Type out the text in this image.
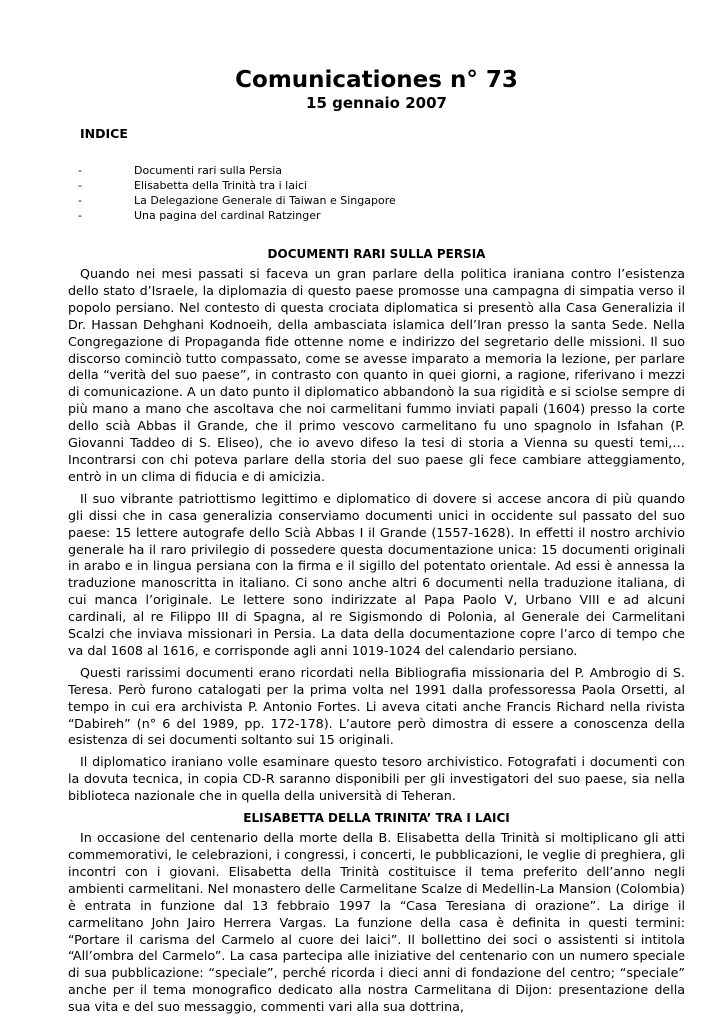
Comunicationes n° 73
15 gennaio 2007
INDICE
-	Documenti rari sulla Persia
-	Elisabetta della Trinità tra i laici
-	La Delegazione Generale di Taiwan e Singapore
-	Una pagina del cardinal Ratzinger
DOCUMENTI RARI SULLA PERSIA

Quando nei mesi passati si faceva un gran parlare della politica iraniana contro l’esistenza dello stato d’Israele, la diplomazia di questo paese promosse una campagna di simpatia verso il popolo persiano. Nel contesto di questa crociata diplomatica si presentò alla Casa Generalizia il Dr. Hassan Dehghani Kodnoeih, della ambasciata islamica dell’Iran presso la santa Sede. Nella Congregazione di Propaganda fide ottenne nome e indirizzo del segretario delle missioni. Il suo discorso cominciò tutto compassato, come se avesse imparato a memoria la lezione, per parlare della “verità del suo paese”, in contrasto con quanto in quei giorni, a ragione, riferivano i mezzi di comunicazione. A un dato punto il diplomatico abbandonò la sua rigidità e si sciolse sempre di più mano a mano che ascoltava che noi carmelitani fummo inviati papali (1604) presso la corte dello scià Abbas il Grande, che il primo vescovo carmelitano fu uno spagnolo in Isfahan (P. Giovanni Taddeo di S. Eliseo), che io avevo difeso la tesi di storia a Vienna su questi temi,…Incontrarsi con chi poteva parlare della storia del suo paese gli fece cambiare atteggiamento, entrò in un clima di fiducia e di amicizia.

Il suo vibrante patriottismo legittimo e diplomatico di dovere si accese ancora di più quando gli dissi che in casa generalizia conserviamo documenti unici in occidente sul passato del suo paese: 15 lettere autografe dello Scià Abbas I il Grande (1557-1628). In effetti il nostro archivio generale ha il raro privilegio di possedere questa documentazione unica: 15 documenti originali in arabo e in lingua persiana con la firma e il sigillo del potentato orientale. Ad essi è annessa la traduzione manoscritta in italiano. Ci sono anche altri 6 documenti nella traduzione italiana, di cui manca l’originale. Le lettere sono indirizzate al Papa Paolo V, Urbano VIII e ad alcuni cardinali, al re Filippo III di Spagna, al re Sigismondo di Polonia, al Generale dei Carmelitani Scalzi che inviava missionari in Persia. La data della documentazione copre l’arco di tempo che va dal 1608 al 1616, e corrisponde agli anni 1019-1024 del calendario persiano.

Questi rarissimi documenti erano ricordati nella Bibliografia missionaria del P. Ambrogio di S. Teresa. Però furono catalogati per la prima volta nel 1991 dalla professoressa Paola Orsetti, al tempo in cui era archivista P. Antonio Fortes. Li aveva citati anche Francis Richard nella rivista “Dabireh” (n° 6 del 1989, pp. 172-178). L’autore però dimostra di essere a conoscenza della esistenza di sei documenti soltanto sui 15 originali.

Il diplomatico iraniano volle esaminare questo tesoro archivistico. Fotografati i documenti con la dovuta tecnica, in copia CD-R saranno disponibili per gli investigatori del suo paese, sia nella biblioteca nazionale che in quella della università di Teheran.

ELISABETTA DELLA TRINITA’ TRA I LAICI

In occasione del centenario della morte della B. Elisabetta della Trinità si moltiplicano gli atti commemorativi, le celebrazioni, i congressi, i concerti, le pubblicazioni, le veglie di preghiera, gli incontri con i giovani. Elisabetta della Trinità costituisce il tema preferito dell’anno negli ambienti carmelitani. Nel monastero delle Carmelitane Scalze di Medellin-La Mansion (Colombia) è entrata in funzione dal 13 febbraio 1997 la “Casa Teresiana di orazione”. La dirige il carmelitano John Jairo Herrera Vargas. La funzione della casa è definita in questi termini: “Portare il carisma del Carmelo al cuore dei laici”. Il bollettino dei soci o assistenti si intitola “All’ombra del Carmelo”. La casa partecipa alle iniziative del centenario con un numero speciale di sua pubblicazione: “speciale”, perché ricorda i dieci anni di fondazione del centro; “speciale” anche per il tema monografico dedicato alla nostra Carmelitana di Dijon: presentazione della sua vita e del suo messaggio, commenti vari alla sua dottrina,
